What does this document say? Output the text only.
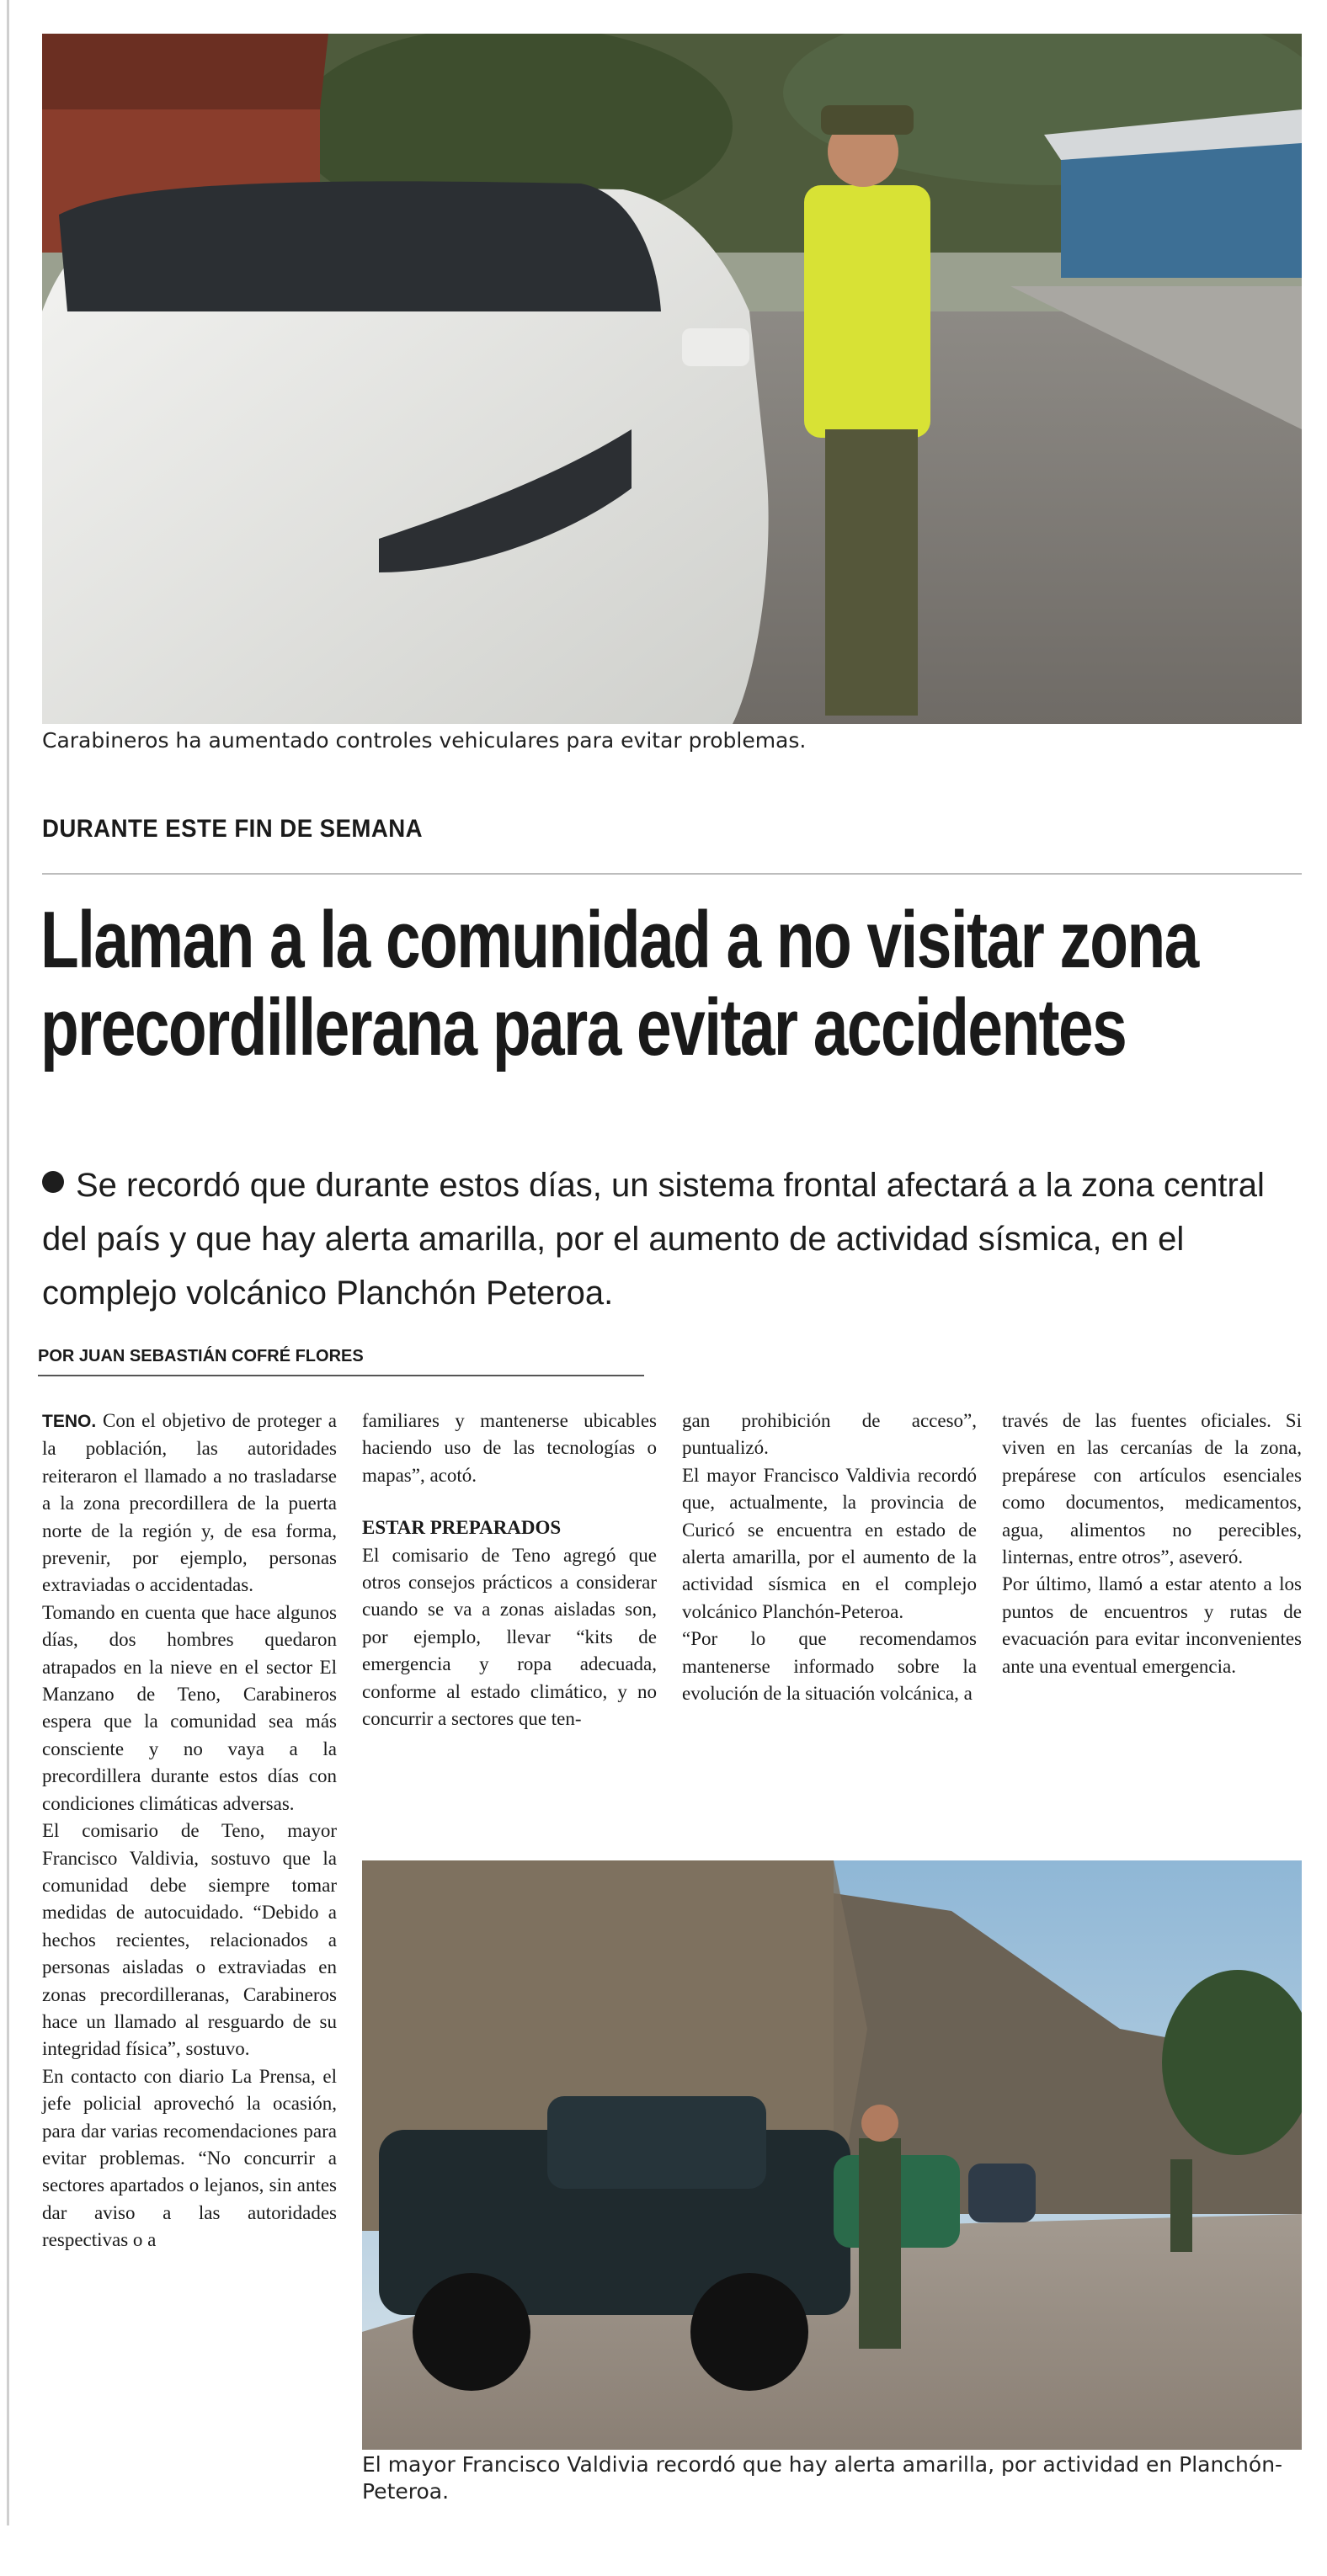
Carabineros ha aumentado controles vehiculares para evitar problemas.
DURANTE ESTE FIN DE SEMANA
Llaman a la comunidad a no visitar zona
precordillerana para evitar accidentes
Se recordó que durante estos días, un sistema frontal afectará a la zona central del país y que hay alerta amarilla, por el aumento de actividad sísmica, en el complejo volcánico Planchón Peteroa.
POR JUAN SEBASTIÁN COFRÉ FLORES

TENO. Con el objetivo de proteger a la población, las autoridades reiteraron el llamado a no trasladarse a la zona precordillera de la puerta norte de la región y, de esa forma, prevenir, por ejemplo, personas extraviadas o accidentadas.

Tomando en cuenta que hace algunos días, dos hombres quedaron atrapados en la nieve en el sector El Manzano de Teno, Carabineros espera que la comunidad sea más consciente y no vaya a la precordillera durante estos días con condiciones climáticas adversas.

El comisario de Teno, mayor Francisco Valdivia, sostuvo que la comunidad debe siempre tomar medidas de autocuidado. “Debido a hechos recientes, relacionados a personas aisladas o extraviadas en zonas precordilleranas, Carabineros hace un llamado al resguardo de su integridad física”, sostuvo.

En contacto con diario La Prensa, el jefe policial aprovechó la ocasión, para dar varias recomendaciones para evitar problemas. “No concurrir a sectores apartados o lejanos, sin antes dar aviso a las autoridades respectivas o a

familiares y mantenerse ubicables haciendo uso de las tecnologías o mapas”, acotó.

ESTAR PREPARADOS

El comisario de Teno agregó que otros consejos prácticos a considerar cuando se va a zonas aisladas son, por ejemplo, llevar “kits de emergencia y ropa adecuada, conforme al estado climático, y no concurrir a sectores que ten-

gan prohibición de acceso”, puntualizó.

El mayor Francisco Valdivia recordó que, actualmente, la provincia de Curicó se encuentra en estado de alerta amarilla, por el aumento de la actividad sísmica en el complejo volcánico Planchón-Peteroa.

“Por lo que recomendamos mantenerse informado sobre la evolución de la situación volcánica, a

través de las fuentes oficiales. Si viven en las cercanías de la zona, prepárese con artículos esenciales como documentos, medicamentos, agua, alimentos no perecibles, linternas, entre otros”, aseveró.

Por último, llamó a estar atento a los puntos de encuentros y rutas de evacuación para evitar inconvenientes ante una eventual emergencia.

El mayor Francisco Valdivia recordó que hay alerta amarilla, por actividad en Planchón-Peteroa.
